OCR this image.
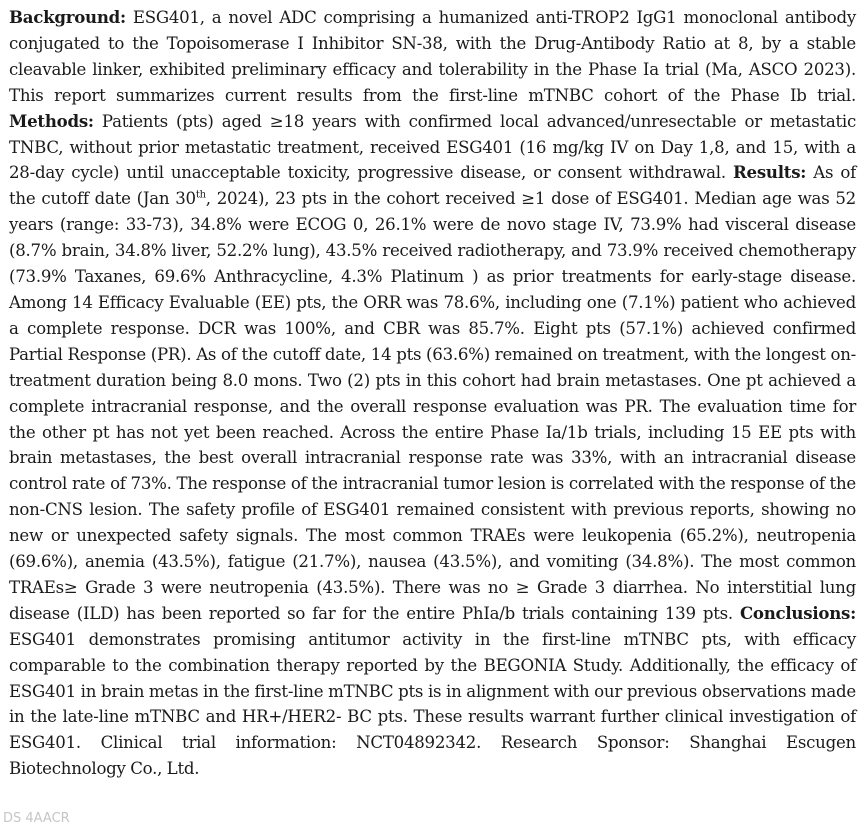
Background: ESG401, a novel ADC comprising a humanized anti-TROP2 IgG1 monoclonal antibody conjugated to the Topoisomerase I Inhibitor SN-38, with the Drug-Antibody Ratio at 8, by a stable cleavable linker, exhibited preliminary efficacy and tolerability in the Phase Ia trial (Ma, ASCO 2023). This report summarizes current results from the first-line mTNBC cohort of the Phase Ib trial. Methods: Patients (pts) aged ≥18 years with confirmed local advanced/unresectable or metastatic TNBC, without prior metastatic treatment, received ESG401 (16 mg/kg IV on Day 1,8, and 15, with a 28-day cycle) until unacceptable toxicity, progressive disease, or consent withdrawal. Results: As of the cutoff date (Jan 30th, 2024), 23 pts in the cohort received ≥1 dose of ESG401. Median age was 52 years (range: 33-73), 34.8% were ECOG 0, 26.1% were de novo stage IV, 73.9% had visceral disease (8.7% brain, 34.8% liver, 52.2% lung), 43.5% received radiotherapy, and 73.9% received chemotherapy (73.9% Taxanes, 69.6% Anthracycline, 4.3% Platinum ) as prior treatments for early-stage disease. Among 14 Efficacy Evaluable (EE) pts, the ORR was 78.6%, including one (7.1%) patient who achieved a complete response. DCR was 100%, and CBR was 85.7%. Eight pts (57.1%) achieved confirmed Partial Response (PR). As of the cutoff date, 14 pts (63.6%) remained on treatment, with the longest on-treatment duration being 8.0 mons. Two (2) pts in this cohort had brain metastases. One pt achieved a complete intracranial response, and the overall response evaluation was PR. The evaluation time for the other pt has not yet been reached. Across the entire Phase Ia/1b trials, including 15 EE pts with brain metastases, the best overall intracranial response rate was 33%, with an intracranial disease control rate of 73%. The response of the intracranial tumor lesion is correlated with the response of the non-CNS lesion. The safety profile of ESG401 remained consistent with previous reports, showing no new or unexpected safety signals. The most common TRAEs were leukopenia (65.2%), neutropenia (69.6%), anemia (43.5%), fatigue (21.7%), nausea (43.5%), and vomiting (34.8%). The most common TRAEs≥ Grade 3 were neutropenia (43.5%). There was no ≥ Grade 3 diarrhea. No interstitial lung disease (ILD) has been reported so far for the entire PhIa/b trials containing 139 pts. Conclusions: ESG401 demonstrates promising antitumor activity in the first-line mTNBC pts, with efficacy comparable to the combination therapy reported by the BEGONIA Study. Additionally, the efficacy of ESG401 in brain metas in the first-line mTNBC pts is in alignment with our previous observations made in the late-line mTNBC and HR+/HER2- BC pts. These results warrant further clinical investigation of ESG401. Clinical trial information: NCT04892342. Research Sponsor: Shanghai Escugen Biotechnology Co., Ltd.

DS 4AACR
